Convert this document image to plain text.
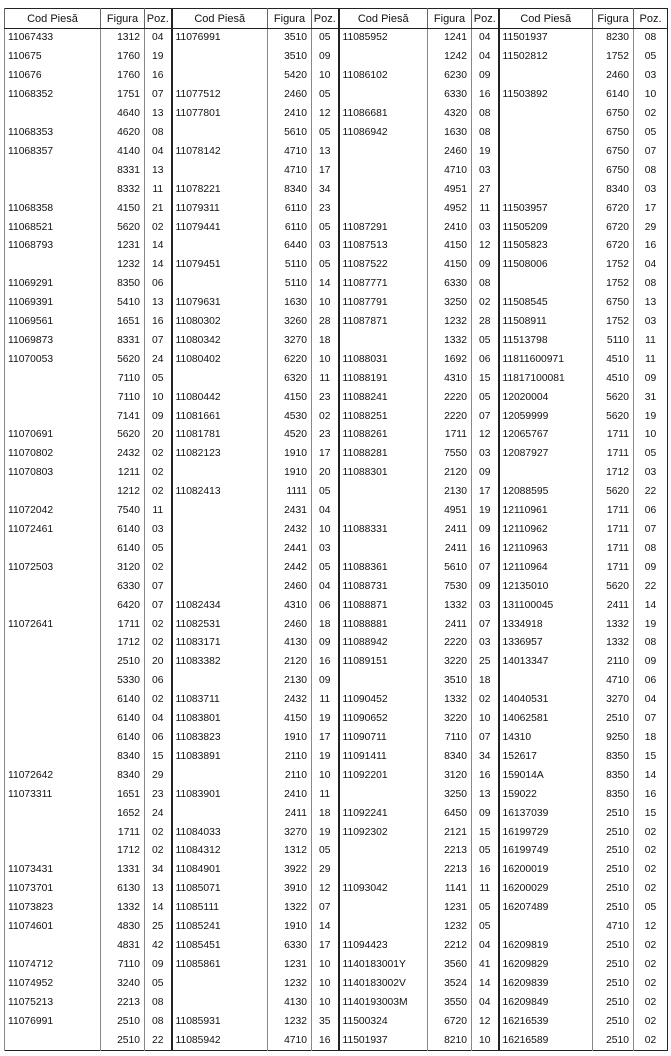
Cod Piesă	Figura	Poz.	Cod Piesă	Figura	Poz.	Cod Piesă	Figura	Poz.	Cod Piesă	Figura	Poz.
11067433	1312	04	11076991	3510	05	11085952	1241	04	11501937	8230	08
110675	1760	19		3510	09		1242	04	11502812	1752	05
110676	1760	16		5420	10	11086102	6230	09		2460	03
11068352	1751	07	11077512	2460	05		6330	16	11503892	6140	10
	4640	13	11077801	2410	12	11086681	4320	08		6750	02
11068353	4620	08		5610	05	11086942	1630	08		6750	05
11068357	4140	04	11078142	4710	13		2460	19		6750	07
	8331	13		4710	17		4710	03		6750	08
	8332	11	11078221	8340	34		4951	27		8340	03
11068358	4150	21	11079311	6110	23		4952	11	11503957	6720	17
11068521	5620	02	11079441	6110	05	11087291	2410	03	11505209	6720	29
11068793	1231	14		6440	03	11087513	4150	12	11505823	6720	16
	1232	14	11079451	5110	05	11087522	4150	09	11508006	1752	04
11069291	8350	06		5110	14	11087771	6330	08		1752	08
11069391	5410	13	11079631	1630	10	11087791	3250	02	11508545	6750	13
11069561	1651	16	11080302	3260	28	11087871	1232	28	11508911	1752	03
11069873	8331	07	11080342	3270	18		1332	05	11513798	5110	11
11070053	5620	24	11080402	6220	10	11088031	1692	06	11811600971	4510	11
	7110	05		6320	11	11088191	4310	15	11817100081	4510	09
	7110	10	11080442	4150	23	11088241	2220	05	12020004	5620	31
	7141	09	11081661	4530	02	11088251	2220	07	12059999	5620	19
11070691	5620	20	11081781	4520	23	11088261	1711	12	12065767	1711	10
11070802	2432	02	11082123	1910	17	11088281	7550	03	12087927	1711	05
11070803	1211	02		1910	20	11088301	2120	09		1712	03
	1212	02	11082413	1111	05		2130	17	12088595	5620	22
11072042	7540	11		2431	04		4951	19	12110961	1711	06
11072461	6140	03		2432	10	11088331	2411	09	12110962	1711	07
	6140	05		2441	03		2411	16	12110963	1711	08
11072503	3120	02		2442	05	11088361	5610	07	12110964	1711	09
	6330	07		2460	04	11088731	7530	09	12135010	5620	22
	6420	07	11082434	4310	06	11088871	1332	03	131100045	2411	14
11072641	1711	02	11082531	2460	18	11088881	2411	07	1334918	1332	19
	1712	02	11083171	4130	09	11088942	2220	03	1336957	1332	08
	2510	20	11083382	2120	16	11089151	3220	25	14013347	2110	09
	5330	06		2130	09		3510	18		4710	06
	6140	02	11083711	2432	11	11090452	1332	02	14040531	3270	04
	6140	04	11083801	4150	19	11090652	3220	10	14062581	2510	07
	6140	06	11083823	1910	17	11090711	7110	07	14310	9250	18
	8340	15	11083891	2110	19	11091411	8340	34	152617	8350	15
11072642	8340	29		2110	10	11092201	3120	16	159014A	8350	14
11073311	1651	23	11083901	2410	11		3250	13	159022	8350	16
	1652	24		2411	18	11092241	6450	09	16137039	2510	15
	1711	02	11084033	3270	19	11092302	2121	15	16199729	2510	02
	1712	02	11084312	1312	05		2213	05	16199749	2510	02
11073431	1331	34	11084901	3922	29		2213	16	16200019	2510	02
11073701	6130	13	11085071	3910	12	11093042	1141	11	16200029	2510	02
11073823	1332	14	11085111	1322	07		1231	05	16207489	2510	05
11074601	4830	25	11085241	1910	14		1232	05		4710	12
	4831	42	11085451	6330	17	11094423	2212	04	16209819	2510	02
11074712	7110	09	11085861	1231	10	1140183001Y	3560	41	16209829	2510	02
11074952	3240	05		1232	10	1140183002V	3524	14	16209839	2510	02
11075213	2213	08		4130	10	1140193003M	3550	04	16209849	2510	02
11076991	2510	08	11085931	1232	35	11500324	6720	12	16216539	2510	02
	2510	22	11085942	4710	16	11501937	8210	10	16216589	2510	02
